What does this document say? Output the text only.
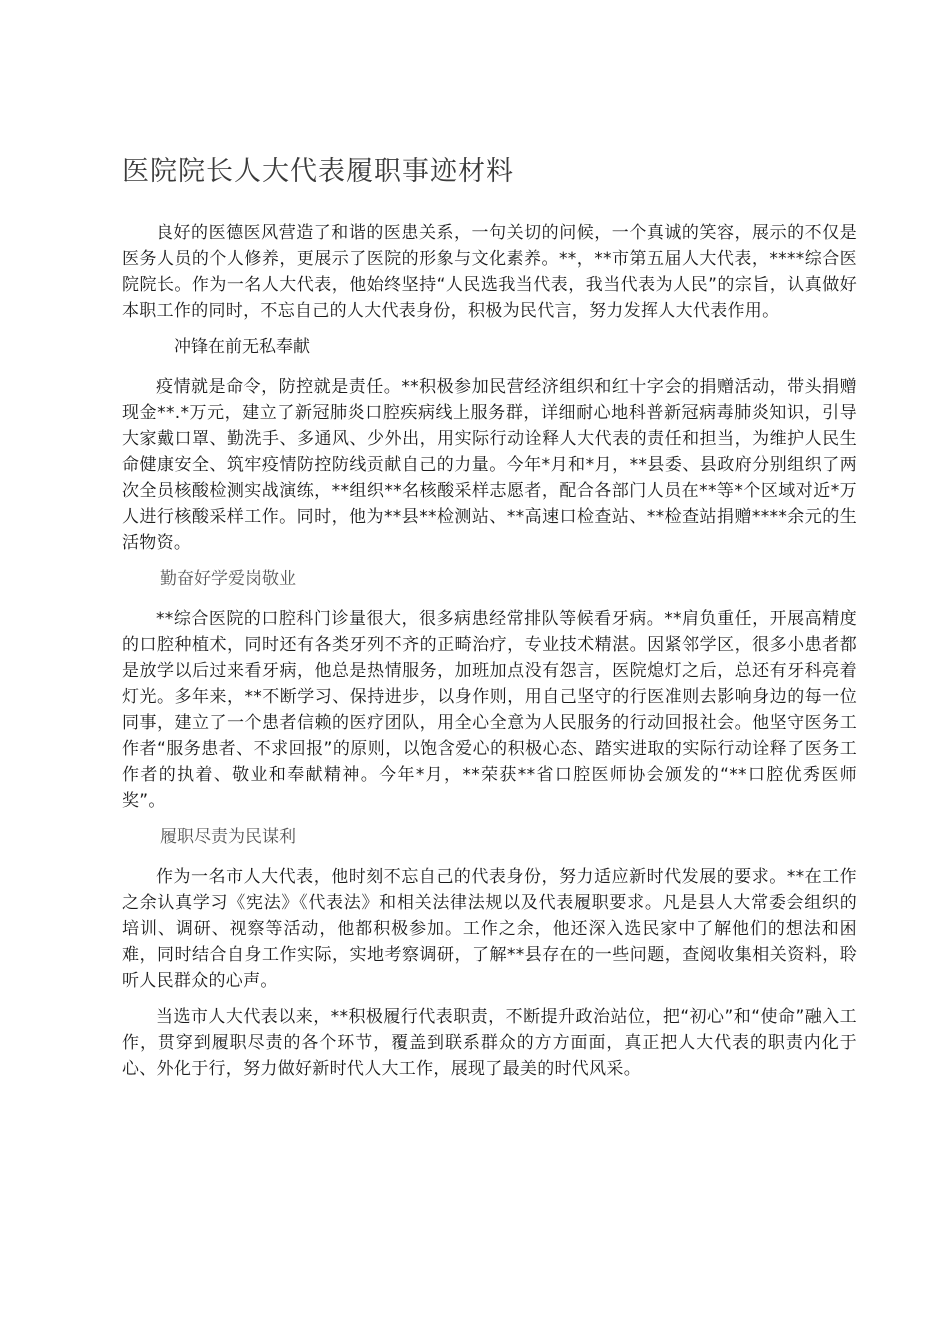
医院院长人大代表履职事迹材料

良好的医德医风营造了和谐的医患关系，一句关切的问候，一个真诚的笑容，展示的不仅是医务人员的个人修养，更展示了医院的形象与文化素养。**，**市第五届人大代表，****综合医院院长。作为一名人大代表，他始终坚持“人民选我当代表，我当代表为人民”的宗旨，认真做好本职工作的同时，不忘自己的人大代表身份，积极为民代言，努力发挥人大代表作用。

冲锋在前无私奉献

疫情就是命令，防控就是责任。**积极参加民营经济组织和红十字会的捐赠活动，带头捐赠现金**.*万元，建立了新冠肺炎口腔疾病线上服务群，详细耐心地科普新冠病毒肺炎知识，引导大家戴口罩、勤洗手、多通风、少外出，用实际行动诠释人大代表的责任和担当，为维护人民生命健康安全、筑牢疫情防控防线贡献自己的力量。今年*月和*月，**县委、县政府分别组织了两次全员核酸检测实战演练，**组织**名核酸采样志愿者，配合各部门人员在**等*个区域对近*万人进行核酸采样工作。同时，他为**县**检测站、**高速口检查站、**检查站捐赠****余元的生活物资。

勤奋好学爱岗敬业

**综合医院的口腔科门诊量很大，很多病患经常排队等候看牙病。**肩负重任，开展高精度的口腔种植术，同时还有各类牙列不齐的正畸治疗，专业技术精湛。因紧邻学区，很多小患者都是放学以后过来看牙病，他总是热情服务，加班加点没有怨言，医院熄灯之后，总还有牙科亮着灯光。多年来，**不断学习、保持进步，以身作则，用自己坚守的行医准则去影响身边的每一位同事，建立了一个患者信赖的医疗团队，用全心全意为人民服务的行动回报社会。他坚守医务工作者“服务患者、不求回报”的原则，以饱含爱心的积极心态、踏实进取的实际行动诠释了医务工作者的执着、敬业和奉献精神。今年*月，**荣获**省口腔医师协会颁发的“**口腔优秀医师奖”。

履职尽责为民谋利

作为一名市人大代表，他时刻不忘自己的代表身份，努力适应新时代发展的要求。**在工作之余认真学习《宪法》《代表法》和相关法律法规以及代表履职要求。凡是县人大常委会组织的培训、调研、视察等活动，他都积极参加。工作之余，他还深入选民家中了解他们的想法和困难，同时结合自身工作实际，实地考察调研，了解**县存在的一些问题，查阅收集相关资料，聆听人民群众的心声。

当选市人大代表以来，**积极履行代表职责，不断提升政治站位，把“初心”和“使命”融入工作，贯穿到履职尽责的各个环节，覆盖到联系群众的方方面面，真正把人大代表的职责内化于心、外化于行，努力做好新时代人大工作，展现了最美的时代风采。
